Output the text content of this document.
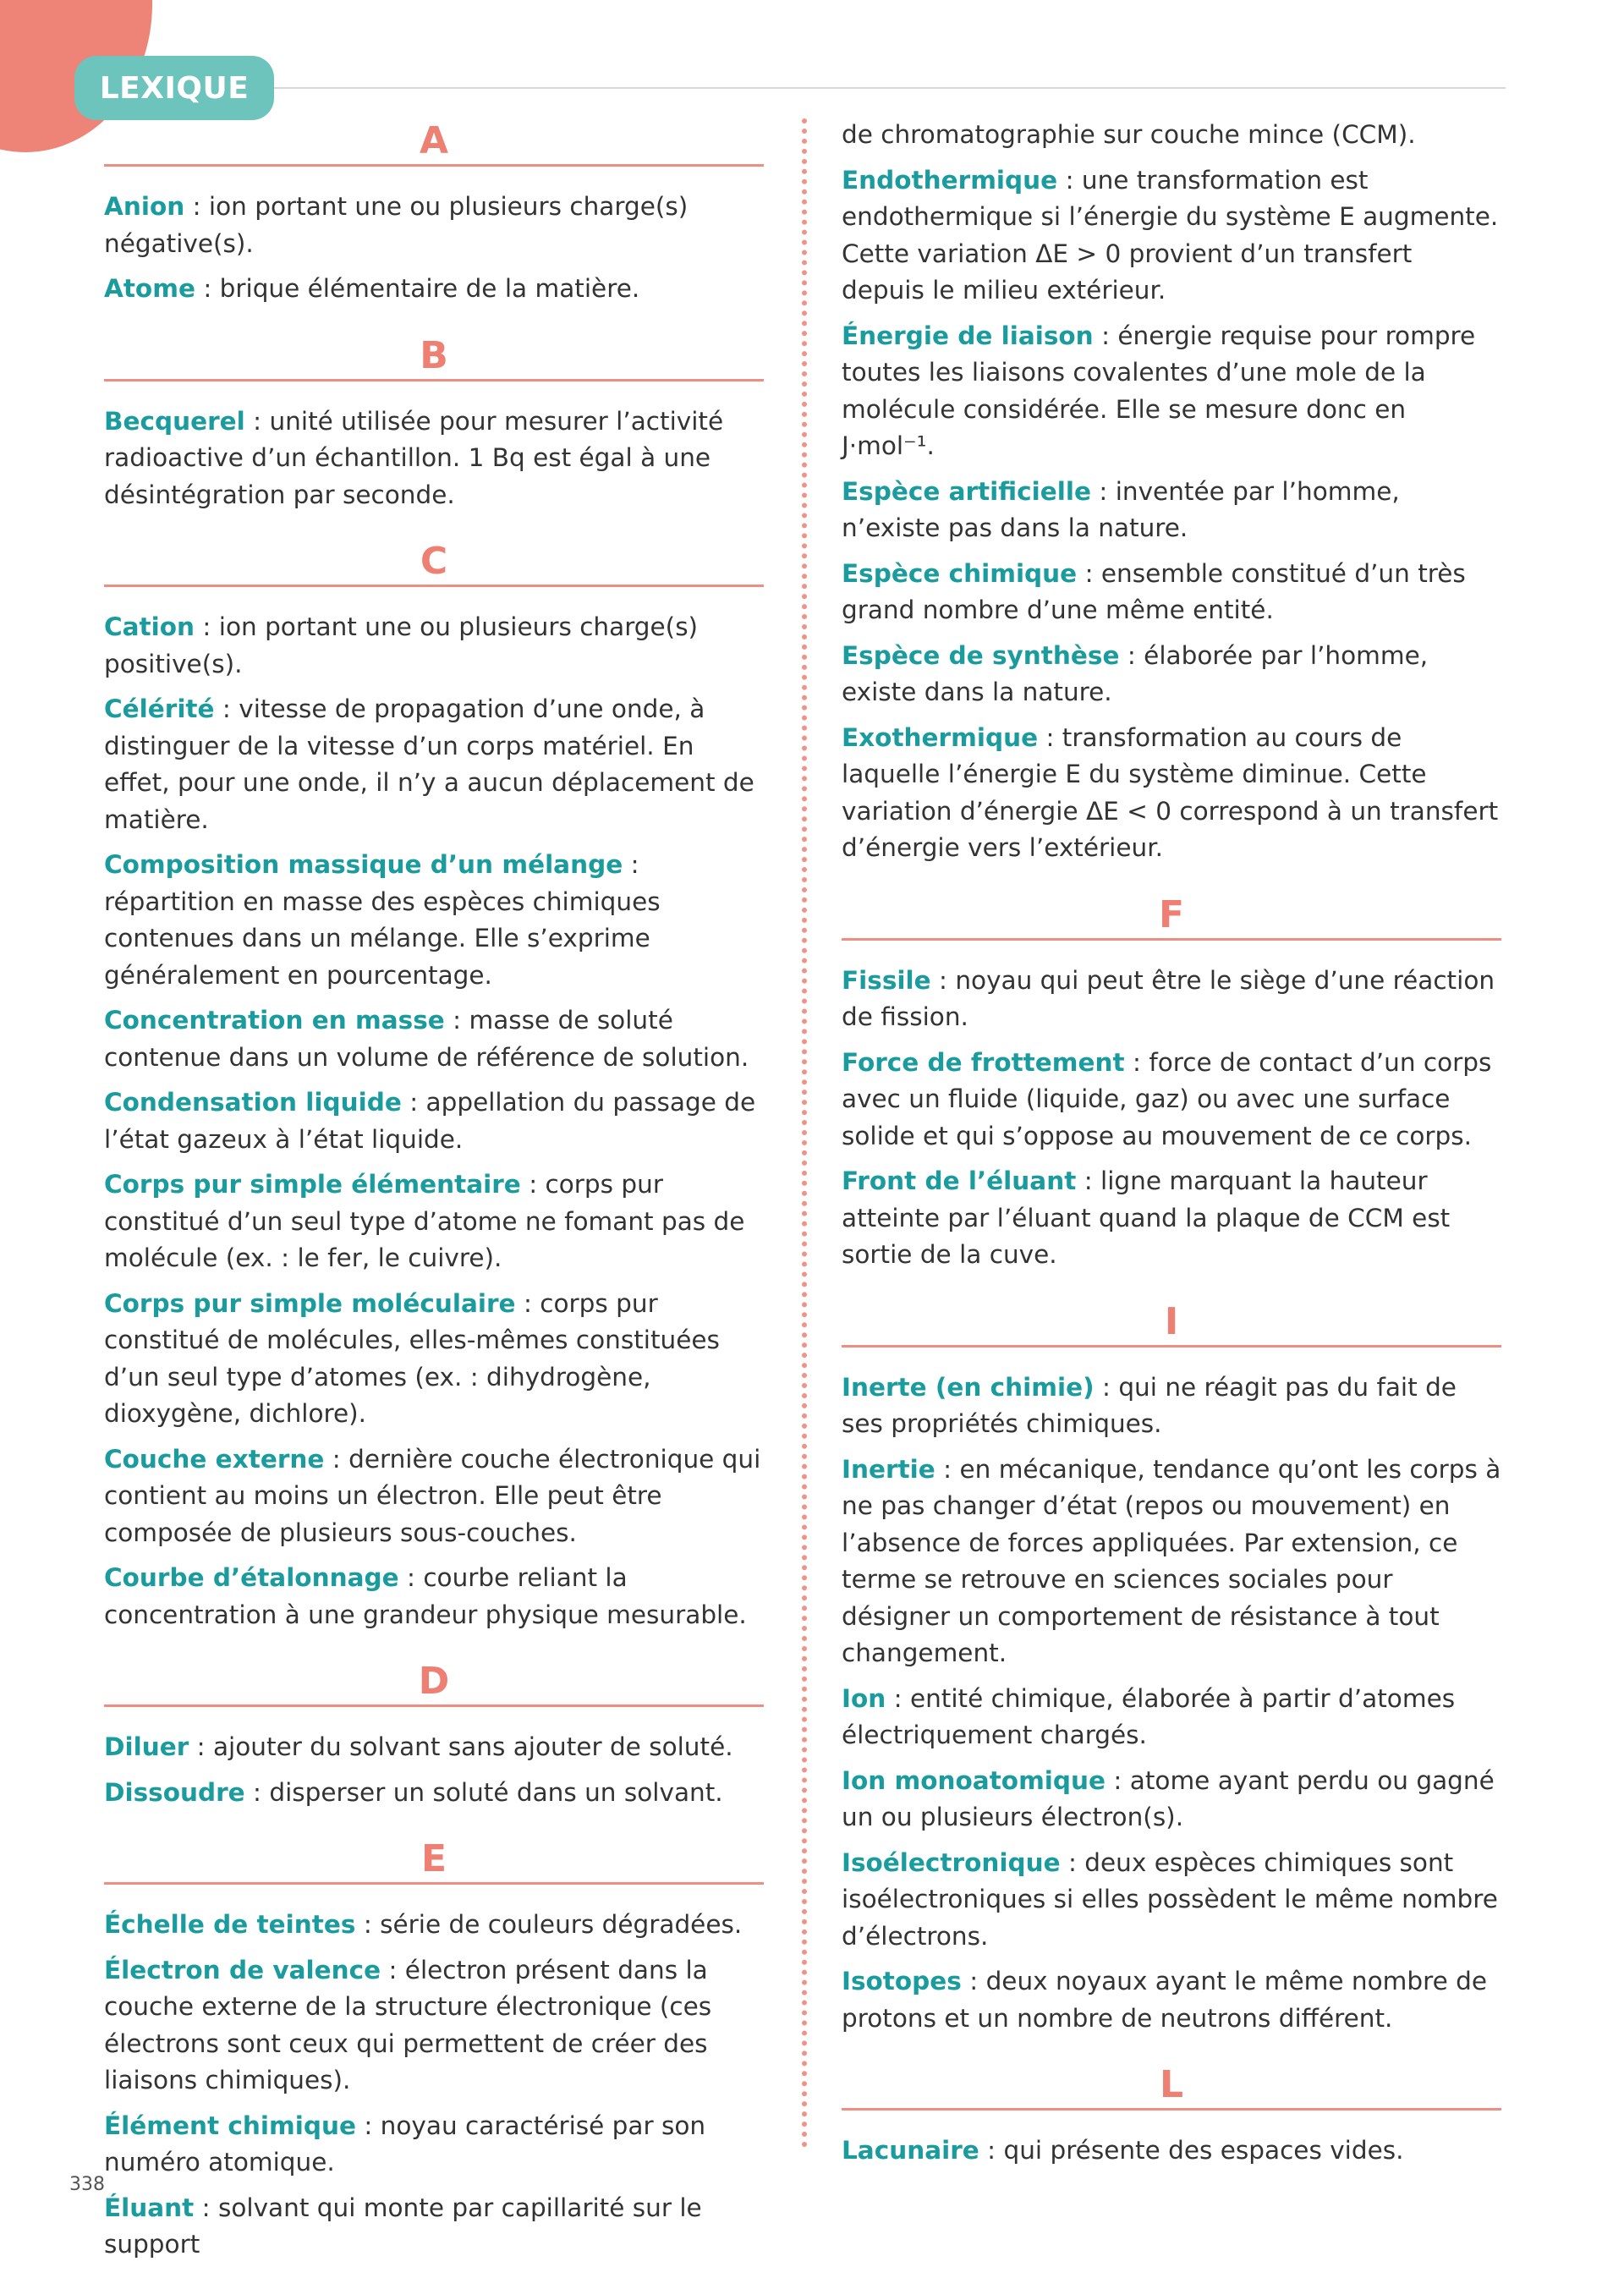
LEXIQUE
A

Anion : ion portant une ou plusieurs charge(s) négative(s).

Atome : brique élémentaire de la matière.

B

Becquerel : unité utilisée pour mesurer l’activité radioactive d’un échantillon. 1 Bq est égal à une désintégration par seconde.

C

Cation : ion portant une ou plusieurs charge(s) positive(s).

Célérité : vitesse de propagation d’une onde, à distinguer de la vitesse d’un corps matériel. En effet, pour une onde, il n’y a aucun déplacement de matière.

Composition massique d’un mélange : répartition en masse des espèces chimiques contenues dans un mélange. Elle s’exprime généralement en pourcentage.

Concentration en masse : masse de soluté contenue dans un volume de référence de solution.

Condensation liquide : appellation du passage de l’état gazeux à l’état liquide.

Corps pur simple élémentaire : corps pur constitué d’un seul type d’atome ne fomant pas de molécule (ex. : le fer, le cuivre).

Corps pur simple moléculaire : corps pur constitué de molécules, elles-mêmes constituées d’un seul type d’atomes (ex. : dihydrogène, dioxygène, dichlore).

Couche externe : dernière couche électronique qui contient au moins un électron. Elle peut être composée de plusieurs sous-couches.

Courbe d’étalonnage : courbe reliant la concentration à une grandeur physique mesurable.

D

Diluer : ajouter du solvant sans ajouter de soluté.

Dissoudre : disperser un soluté dans un solvant.

E

Échelle de teintes : série de couleurs dégradées.

Électron de valence : électron présent dans la couche externe de la structure électronique (ces électrons sont ceux qui permettent de créer des liaisons chimiques).

Élément chimique : noyau caractérisé par son numéro atomique.

Éluant : solvant qui monte par capillarité sur le support

de chromatographie sur couche mince (CCM).

Endothermique : une transformation est endothermique si l’énergie du système E augmente. Cette variation ΔE > 0 provient d’un transfert depuis le milieu extérieur.

Énergie de liaison : énergie requise pour rompre toutes les liaisons covalentes d’une mole de la molécule considérée. Elle se mesure donc en J·mol⁻¹.

Espèce artificielle : inventée par l’homme, n’existe pas dans la nature.

Espèce chimique : ensemble constitué d’un très grand nombre d’une même entité.

Espèce de synthèse : élaborée par l’homme, existe dans la nature.

Exothermique : transformation au cours de laquelle l’énergie E du système diminue. Cette variation d’énergie ΔE < 0 correspond à un transfert d’énergie vers l’extérieur.

F

Fissile : noyau qui peut être le siège d’une réaction de fission.

Force de frottement : force de contact d’un corps avec un fluide (liquide, gaz) ou avec une surface solide et qui s’oppose au mouvement de ce corps.

Front de l’éluant : ligne marquant la hauteur atteinte par l’éluant quand la plaque de CCM est sortie de la cuve.

I

Inerte (en chimie) : qui ne réagit pas du fait de ses propriétés chimiques.

Inertie : en mécanique, tendance qu’ont les corps à ne pas changer d’état (repos ou mouvement) en l’absence de forces appliquées. Par extension, ce terme se retrouve en sciences sociales pour désigner un comportement de résistance à tout changement.

Ion : entité chimique, élaborée à partir d’atomes électriquement chargés.

Ion monoatomique : atome ayant perdu ou gagné un ou plusieurs électron(s).

Isoélectronique : deux espèces chimiques sont isoélectroniques si elles possèdent le même nombre d’électrons.

Isotopes : deux noyaux ayant le même nombre de protons et un nombre de neutrons différent.

L

Lacunaire : qui présente des espaces vides.

338
